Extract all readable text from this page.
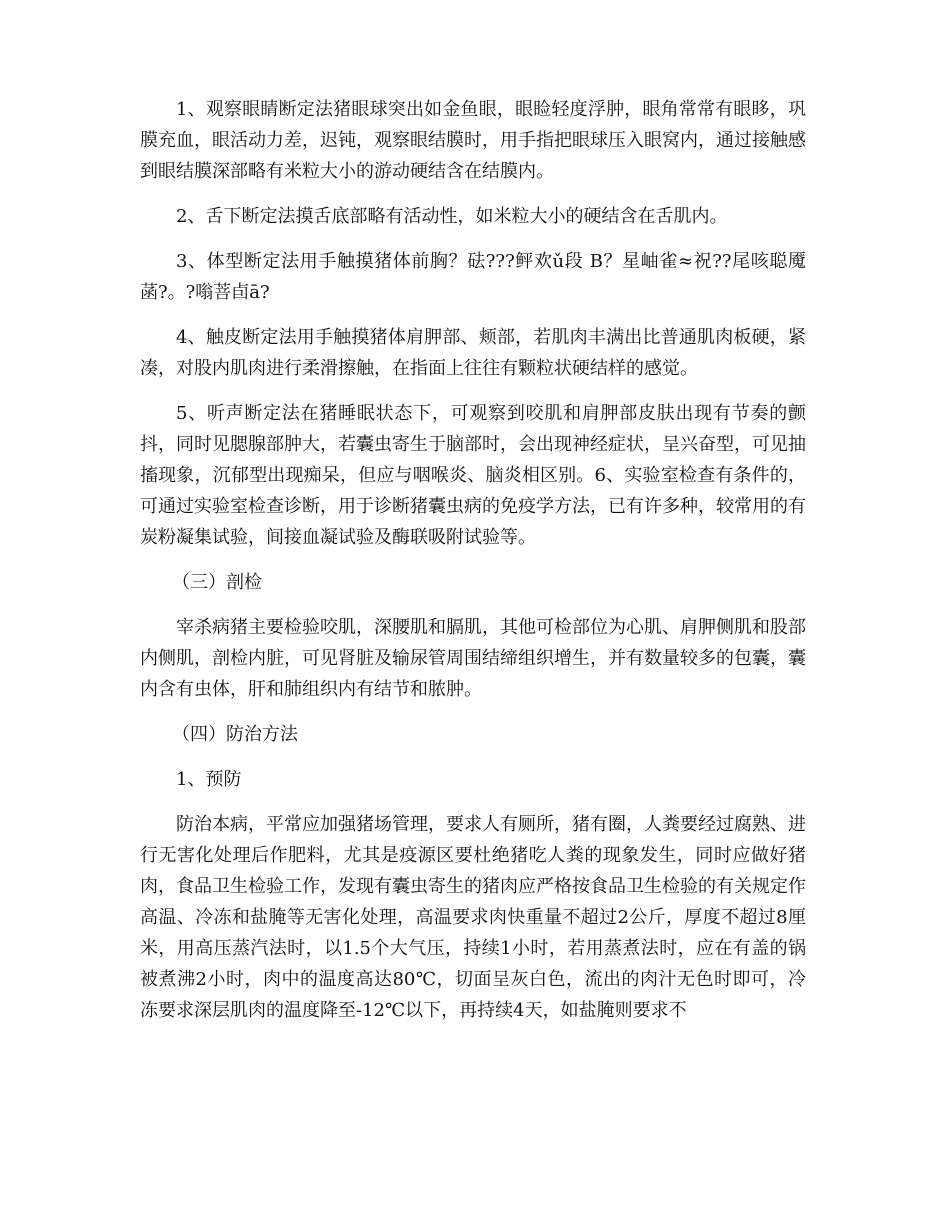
1、观察眼睛断定法猪眼球突出如金鱼眼，眼睑轻度浮肿，眼角常常有眼眵，巩膜充血，眼活动力差，迟钝，观察眼结膜时，用手指把眼球压入眼窝内，通过接触感到眼结膜深部略有米粒大小的游动硬结含在结膜内。

2、舌下断定法摸舌底部略有活动性，如米粒大小的硬结含在舌肌内。

3、体型断定法用手触摸猪体前胸？砝???鲆欢ǔ段 B？星岫雀≈祝??尾咳聪魇菡?。?嗡菩卣ā?

4、触皮断定法用手触摸猪体肩胛部、颊部，若肌肉丰满出比普通肌肉板硬，紧凑，对股内肌肉进行柔滑擦触，在指面上往往有颗粒状硬结样的感觉。

5、听声断定法在猪睡眠状态下，可观察到咬肌和肩胛部皮肤出现有节奏的颤抖，同时见腮腺部肿大，若囊虫寄生于脑部时，会出现神经症状，呈兴奋型，可见抽搐现象，沉郁型出现痴呆，但应与咽喉炎、脑炎相区别。6、实验室检查有条件的，可通过实验室检查诊断，用于诊断猪囊虫病的免疫学方法，已有许多种，较常用的有炭粉凝集试验，间接血凝试验及酶联吸附试验等。

（三）剖检

宰杀病猪主要检验咬肌，深腰肌和膈肌，其他可检部位为心肌、肩胛侧肌和股部内侧肌，剖检内脏，可见肾脏及输尿管周围结缔组织增生，并有数量较多的包囊，囊内含有虫体，肝和肺组织内有结节和脓肿。

（四）防治方法

1、预防

防治本病，平常应加强猪场管理，要求人有厕所，猪有圈，人粪要经过腐熟、进行无害化处理后作肥料，尤其是疫源区要杜绝猪吃人粪的现象发生，同时应做好猪肉，食品卫生检验工作，发现有囊虫寄生的猪肉应严格按食品卫生检验的有关规定作高温、冷冻和盐腌等无害化处理，高温要求肉快重量不超过2公斤，厚度不超过8厘米，用高压蒸汽法时，以1.5个大气压，持续1小时，若用蒸煮法时，应在有盖的锅被煮沸2小时，肉中的温度高达80℃，切面呈灰白色，流出的肉汁无色时即可，冷冻要求深层肌肉的温度降至-12℃以下，再持续4天，如盐腌则要求不
